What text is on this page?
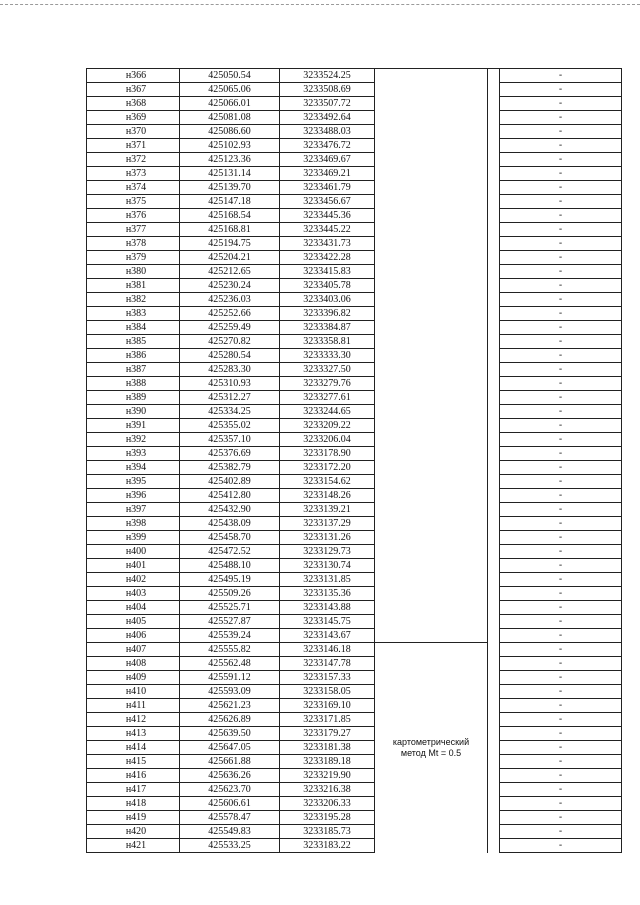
н366	425050.54	3233524.25			-
н367	425065.06	3233508.69			-
н368	425066.01	3233507.72			-
н369	425081.08	3233492.64			-
н370	425086.60	3233488.03			-
н371	425102.93	3233476.72			-
н372	425123.36	3233469.67			-
н373	425131.14	3233469.21			-
н374	425139.70	3233461.79			-
н375	425147.18	3233456.67			-
н376	425168.54	3233445.36			-
н377	425168.81	3233445.22			-
н378	425194.75	3233431.73			-
н379	425204.21	3233422.28			-
н380	425212.65	3233415.83			-
н381	425230.24	3233405.78			-
н382	425236.03	3233403.06			-
н383	425252.66	3233396.82			-
н384	425259.49	3233384.87			-
н385	425270.82	3233358.81			-
н386	425280.54	3233333.30			-
н387	425283.30	3233327.50			-
н388	425310.93	3233279.76			-
н389	425312.27	3233277.61			-
н390	425334.25	3233244.65			-
н391	425355.02	3233209.22			-
н392	425357.10	3233206.04			-
н393	425376.69	3233178.90			-
н394	425382.79	3233172.20			-
н395	425402.89	3233154.62			-
н396	425412.80	3233148.26			-
н397	425432.90	3233139.21			-
н398	425438.09	3233137.29			-
н399	425458.70	3233131.26			-
н400	425472.52	3233129.73			-
н401	425488.10	3233130.74			-
н402	425495.19	3233131.85			-
н403	425509.26	3233135.36			-
н404	425525.71	3233143.88			-
н405	425527.87	3233145.75			-
н406	425539.24	3233143.67			-
н407	425555.82	3233146.18	картометрический
метод Mt = 0.5		-
н408	425562.48	3233147.78			-
н409	425591.12	3233157.33			-
н410	425593.09	3233158.05			-
н411	425621.23	3233169.10			-
н412	425626.89	3233171.85			-
н413	425639.50	3233179.27			-
н414	425647.05	3233181.38			-
н415	425661.88	3233189.18			-
н416	425636.26	3233219.90			-
н417	425623.70	3233216.38			-
н418	425606.61	3233206.33			-
н419	425578.47	3233195.28			-
н420	425549.83	3233185.73			-
н421	425533.25	3233183.22			-
